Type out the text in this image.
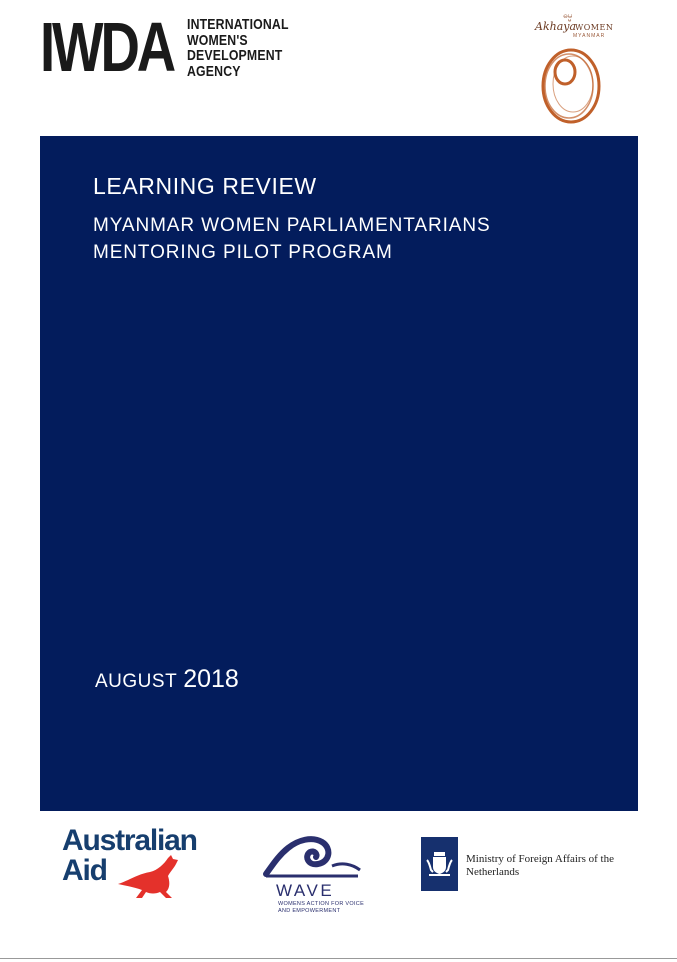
IWDA INTERNATIONAL
WOMEN'S
DEVELOPMENT
AGENCY
ဓမ္မ
Akhaya
WOMEN
MYANMAR
LEARNING REVIEW
MYANMAR WOMEN PARLIAMENTARIANS
MENTORING PILOT PROGRAM
AUGUST 2018
Australian
Aid
WAVE
WOMENS ACTION FOR VOICE AND EMPOWERMENT
Ministry of Foreign Affairs of the
Netherlands
